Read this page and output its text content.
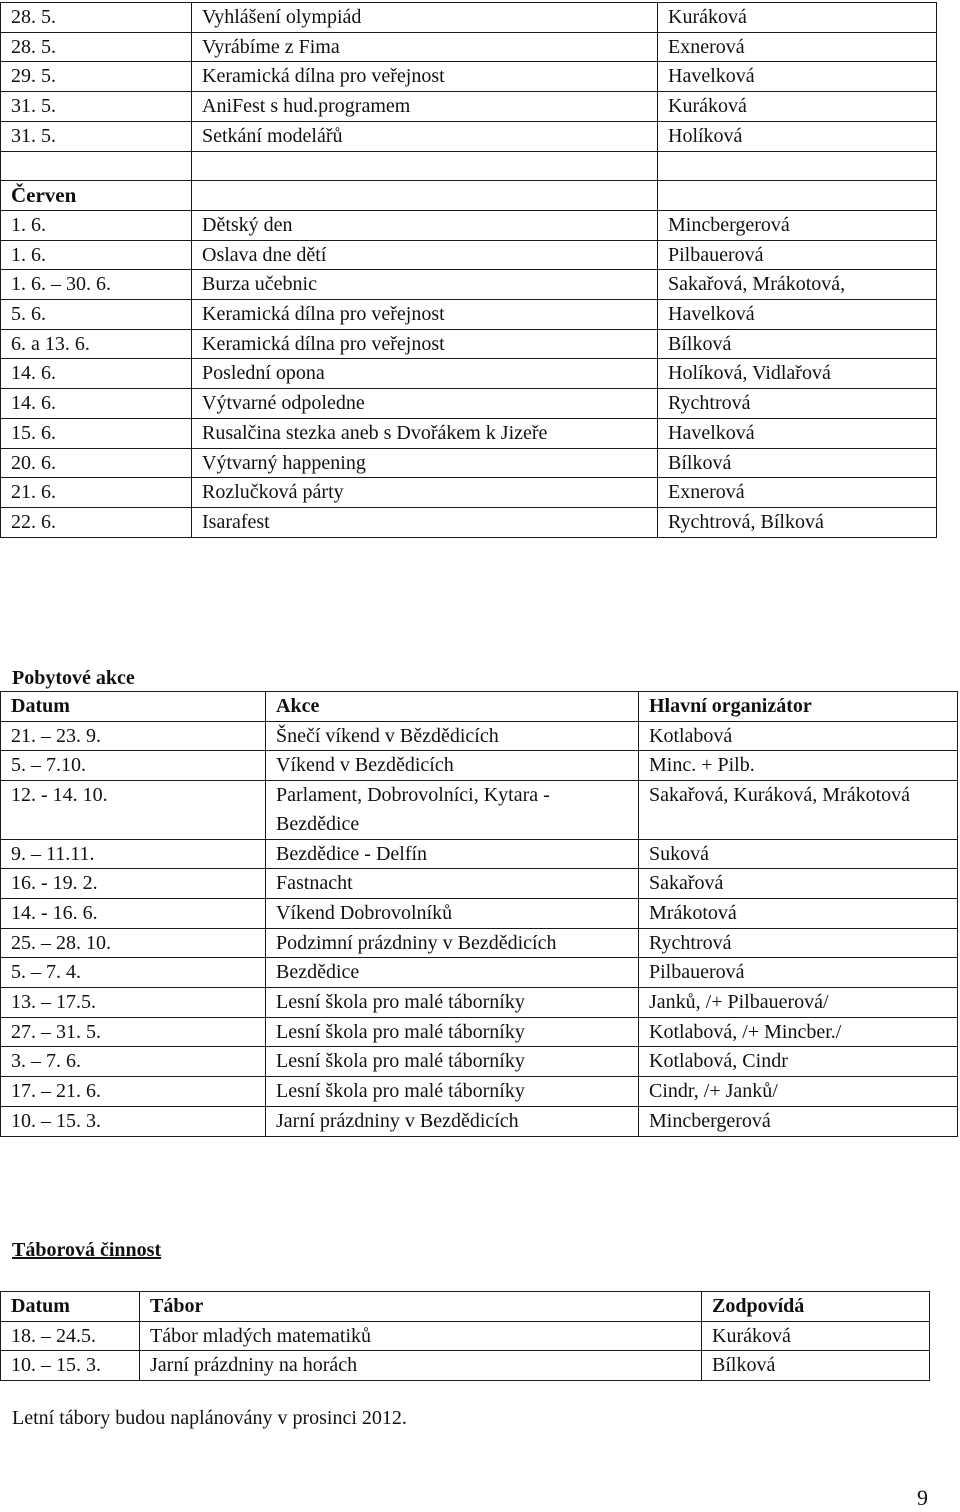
28. 5.	Vyhlášení olympiád	Kuráková
28. 5.	Vyrábíme z Fima	Exnerová
29. 5.	Keramická dílna pro veřejnost	Havelková
31. 5.	AniFest s hud.programem	Kuráková
31. 5.	Setkání modelářů	Holíková

Červen		
1. 6.	Dětský den	Mincbergerová
1. 6.	Oslava dne dětí	Pilbauerová
1. 6. – 30. 6.	Burza učebnic	Sakařová, Mrákotová,
5. 6.	Keramická dílna pro veřejnost	Havelková
6. a 13. 6.	Keramická dílna pro veřejnost	Bílková
14. 6.	Poslední opona	Holíková, Vidlařová
14. 6.	Výtvarné odpoledne	Rychtrová
15. 6.	Rusalčina stezka aneb s Dvořákem k Jizeře	Havelková
20. 6.	Výtvarný happening	Bílková
21. 6.	Rozlučková párty	Exnerová
22. 6.	Isarafest	Rychtrová, Bílková
Pobytové akce
Datum	Akce	Hlavní organizátor
21. – 23. 9.	Šnečí víkend v Bězdědicích	Kotlabová
5. – 7.10.	Víkend v Bezdědicích	Minc. + Pilb.
12. - 14. 10.	Parlament, Dobrovolníci, Kytara - Bezdědice	Sakařová, Kuráková, Mrákotová
9. – 11.11.	Bezdědice - Delfín	Suková
16. - 19. 2.	Fastnacht	Sakařová
14. - 16. 6.	Víkend Dobrovolníků	Mrákotová
25. – 28. 10.	Podzimní prázdniny v Bezdědicích	Rychtrová
5. – 7. 4.	Bezdědice	Pilbauerová
13. – 17.5.	Lesní škola pro malé táborníky	Janků, /+ Pilbauerová/
27. – 31. 5.	Lesní škola pro malé táborníky	Kotlabová, /+ Mincber./
3. – 7. 6.	Lesní škola pro malé táborníky	Kotlabová, Cindr
17. – 21. 6.	Lesní škola pro malé táborníky	Cindr, /+ Janků/
10. – 15. 3.	Jarní prázdniny v Bezdědicích	Mincbergerová
Táborová činnost
Datum	Tábor	Zodpovídá
18. – 24.5.	Tábor mladých matematiků	Kuráková
10. – 15. 3.	Jarní prázdniny na horách	Bílková
Letní tábory budou naplánovány v prosinci 2012.
9
